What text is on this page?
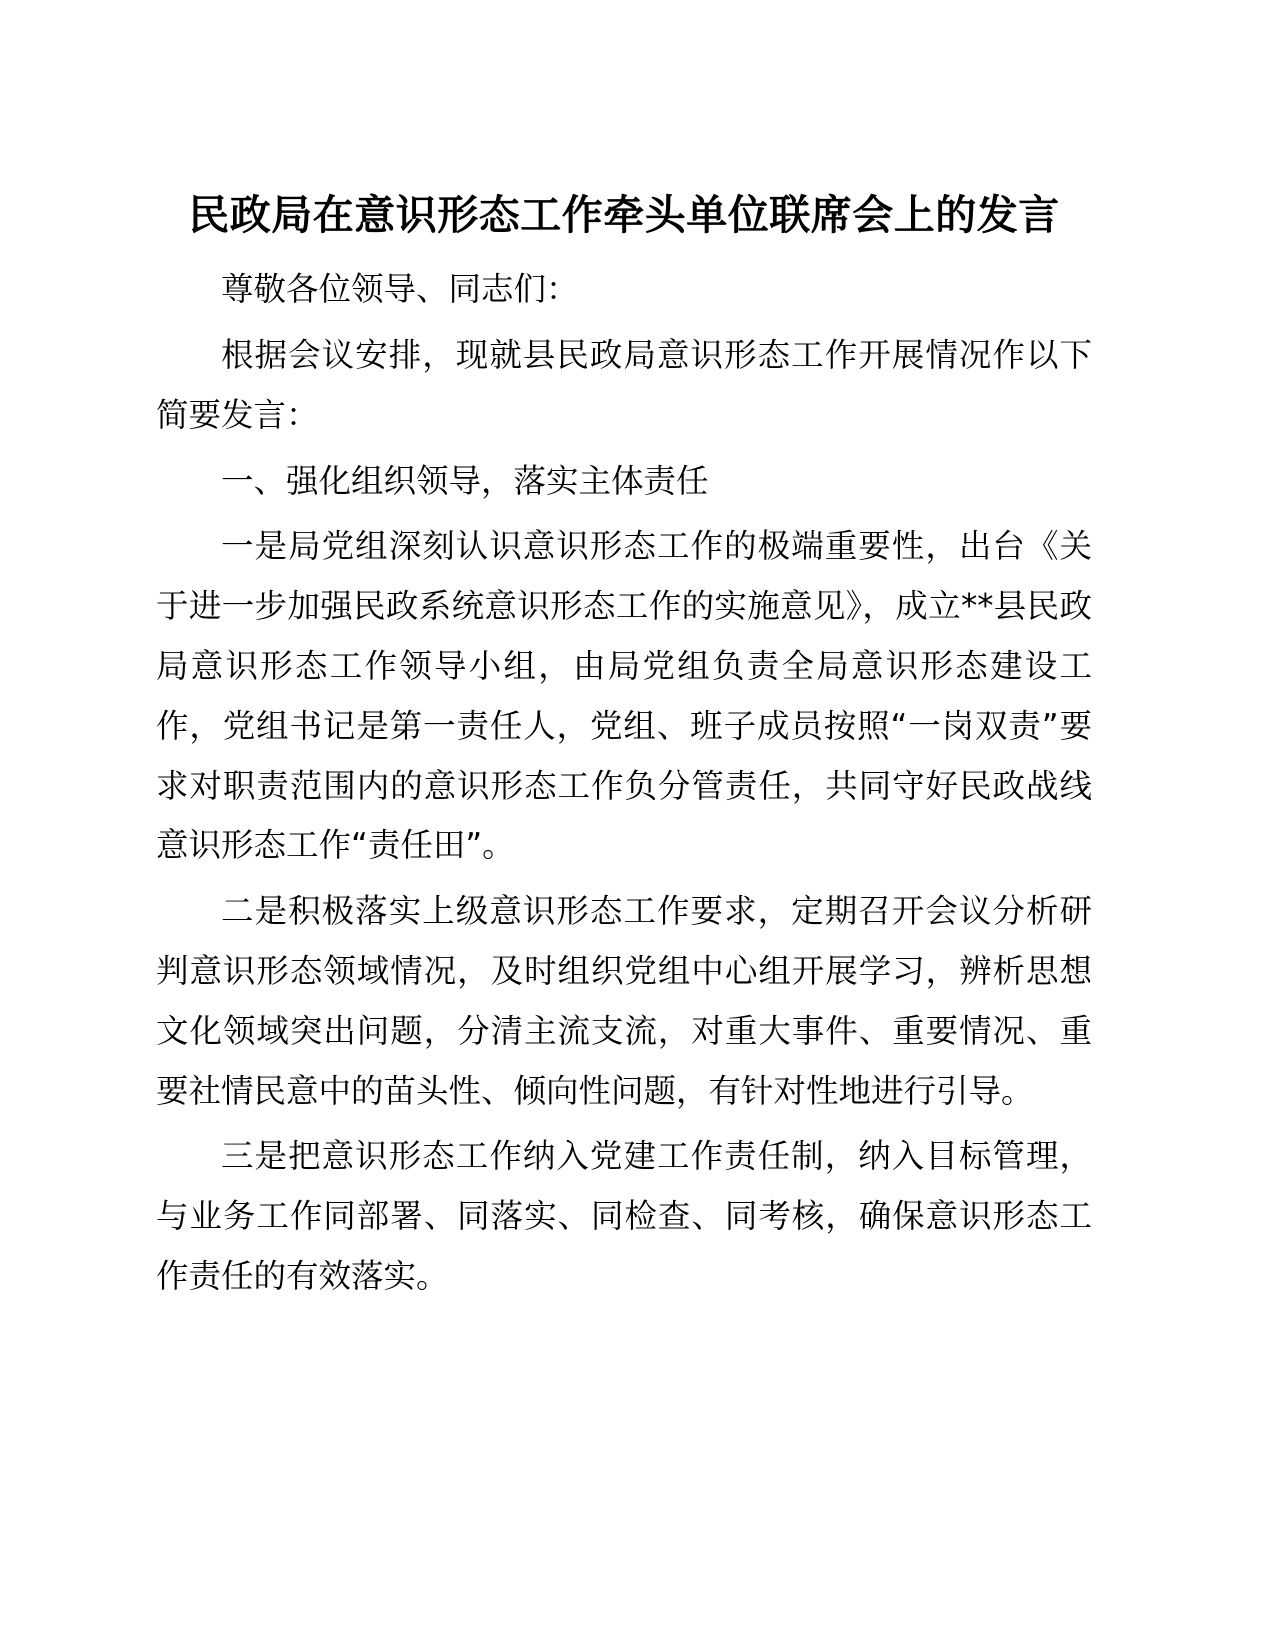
民政局在意识形态工作牵头单位联席会上的发言

尊敬各位领导、同志们：

根据会议安排，现就县民政局意识形态工作开展情况作以下简要发言：

一、强化组织领导，落实主体责任

一是局党组深刻认识意识形态工作的极端重要性，出台《关于进一步加强民政系统意识形态工作的实施意见》，成立**县民政局意识形态工作领导小组，由局党组负责全局意识形态建设工作，党组书记是第一责任人，党组、班子成员按照“一岗双责”要求对职责范围内的意识形态工作负分管责任，共同守好民政战线意识形态工作“责任田”。

二是积极落实上级意识形态工作要求，定期召开会议分析研判意识形态领域情况，及时组织党组中心组开展学习，辨析思想文化领域突出问题，分清主流支流，对重大事件、重要情况、重要社情民意中的苗头性、倾向性问题，有针对性地进行引导。

三是把意识形态工作纳入党建工作责任制，纳入目标管理，与业务工作同部署、同落实、同检查、同考核，确保意识形态工作责任的有效落实。
